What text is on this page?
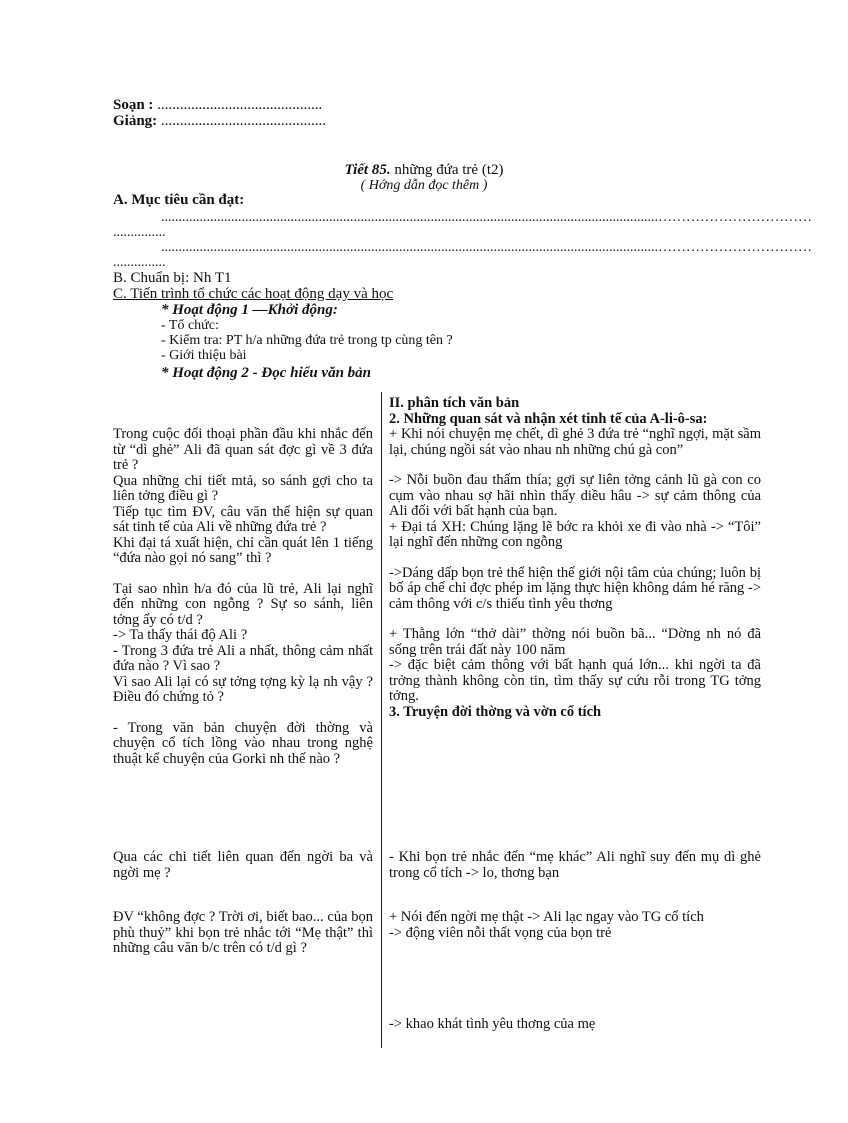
Soạn : ............................................
Giảng: ............................................
Tiết 85. những đứa trẻ (t2)
( Hớng dẫn đọc thêm )
A. Mục tiêu cần đạt:
..............................................................................................................................................……………………………
...............
..............................................................................................................................................……………………………
...............
B. Chuẩn bị: Nh T1
C. Tiến trình tổ chức các hoạt động dạy và học
* Hoạt động 1 —Khởi động:
- Tổ chức:
- Kiểm tra: PT h/a những đứa trẻ trong tp cùng tên ?
- Giới thiệu bài
* Hoạt động 2 - Đọc hiểu văn bản

Trong cuộc đối thoại phần đầu khi nhắc đến từ “dì ghẻ” Ali đã quan sát đợc gì về 3 đứa trẻ ?

Qua những chi tiết mtả, so sánh gợi cho ta liên tởng điều gì ?

Tiếp tục tìm ĐV, câu văn thể hiện sự quan sát tinh tế của Ali về những đứa trẻ ?

Khi đại tá xuất hiện, chỉ cần quát lên 1 tiếng “đứa nào gọi nó sang” thì ?

Tại sao nhìn h/a đó của lũ trẻ, Ali lại nghĩ đến những con ngỗng ? Sự so sánh, liên tởng ấy có t/d ?

-> Ta thấy thái độ Ali ?

- Trong 3 đứa trẻ Ali a nhất, thông cảm nhất đứa nào ? Vì sao ?

Vì sao Ali lại có sự tởng tợng kỳ lạ nh vậy ? Điều đó chứng tỏ ?

- Trong văn bản chuyện đời thờng và chuyện cổ tích lồng vào nhau trong nghệ thuật kể chuyện của Gorki nh thế nào ?

Qua các chi tiết liên quan đến ngời ba và ngời mẹ ?

ĐV “không đợc ? Trời ơi, biết bao... của bọn phù thuỷ” khi bọn trẻ nhắc tới “Mẹ thật” thì những câu văn b/c trên có t/d gì ?

II. phân tích văn bản

2. Những quan sát và nhận xét tinh tế của A-li-ô-sa:

+ Khi nói chuyện mẹ chết, dì ghẻ 3 đứa trẻ “nghĩ ngợi, mặt sầm lại, chúng ngồi sát vào nhau nh những chú gà con”

-> Nỗi buồn đau thấm thía; gợi sự liên tởng cảnh lũ gà con co cụm vào nhau sợ hãi nhìn thấy diều hâu -> sự cảm thông của Ali đối với bất hạnh của bạn.

+ Đại tá XH: Chúng lặng lẽ bớc ra khỏi xe đi vào nhà -> “Tôi” lại nghĩ đến những con ngỗng

->Dáng dấp bọn trẻ thể hiện thế giới nội tâm của chúng; luôn bị bố áp chế chỉ đợc phép im lặng thực hiện không dám hé răng -> cảm thông với c/s thiếu tình yêu thơng

+ Thằng lớn “thở dài” thờng nói buồn bã... “Dờng nh nó đã sống trên trái đất này 100 năm

-> đặc biệt cảm thông với bất hạnh quá lớn... khi ngời ta đã trởng thành không còn tin, tìm thấy sự cứu rỗi trong TG tởng tởng.

3. Truyện đời thờng và vờn cổ tích

- Khi bọn trẻ nhắc đến “mẹ khác” Ali nghĩ suy đến mụ dì ghẻ trong cổ tích -> lo, thơng bạn

+ Nói đến ngời mẹ thật -> Ali lạc ngay vào TG cổ tích

-> động viên nỗi thất vọng của bọn trẻ

-> khao khát tình yêu thơng của mẹ
